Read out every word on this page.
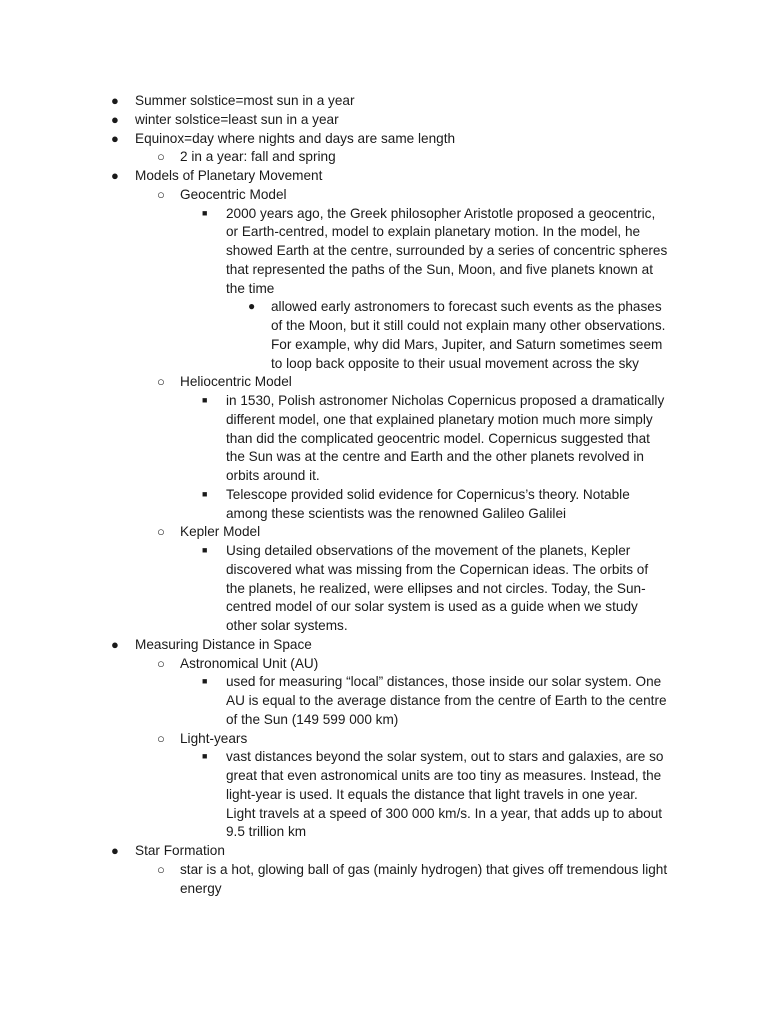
● Summer solstice=most sun in a year
● winter solstice=least sun in a year
● Equinox=day where nights and days are same length
○ 2 in a year: fall and spring
● Models of Planetary Movement
○ Geocentric Model
■ 2000 years ago, the Greek philosopher Aristotle proposed a geocentric,
or Earth-centred, model to explain planetary motion. In the model, he
showed Earth at the centre, surrounded by a series of concentric spheres
that represented the paths of the Sun, Moon, and five planets known at
the time
● allowed early astronomers to forecast such events as the phases
of the Moon, but it still could not explain many other observations.
For example, why did Mars, Jupiter, and Saturn sometimes seem
to loop back opposite to their usual movement across the sky
○ Heliocentric Model
■ in 1530, Polish astronomer Nicholas Copernicus proposed a dramatically
different model, one that explained planetary motion much more simply
than did the complicated geocentric model. Copernicus suggested that
the Sun was at the centre and Earth and the other planets revolved in
orbits around it.
■ Telescope provided solid evidence for Copernicus’s theory. Notable
among these scientists was the renowned Galileo Galilei
○ Kepler Model
■ Using detailed observations of the movement of the planets, Kepler
discovered what was missing from the Copernican ideas. The orbits of
the planets, he realized, were ellipses and not circles. Today, the Sun-
centred model of our solar system is used as a guide when we study
other solar systems.
● Measuring Distance in Space
○ Astronomical Unit (AU)
■ used for measuring “local” distances, those inside our solar system. One
AU is equal to the average distance from the centre of Earth to the centre
of the Sun (149 599 000 km)
○ Light-years
■ vast distances beyond the solar system, out to stars and galaxies, are so
great that even astronomical units are too tiny as measures. Instead, the
light-year is used. It equals the distance that light travels in one year.
Light travels at a speed of 300 000 km/s. In a year, that adds up to about
9.5 trillion km
● Star Formation
○ star is a hot, glowing ball of gas (mainly hydrogen) that gives off tremendous light
energy
